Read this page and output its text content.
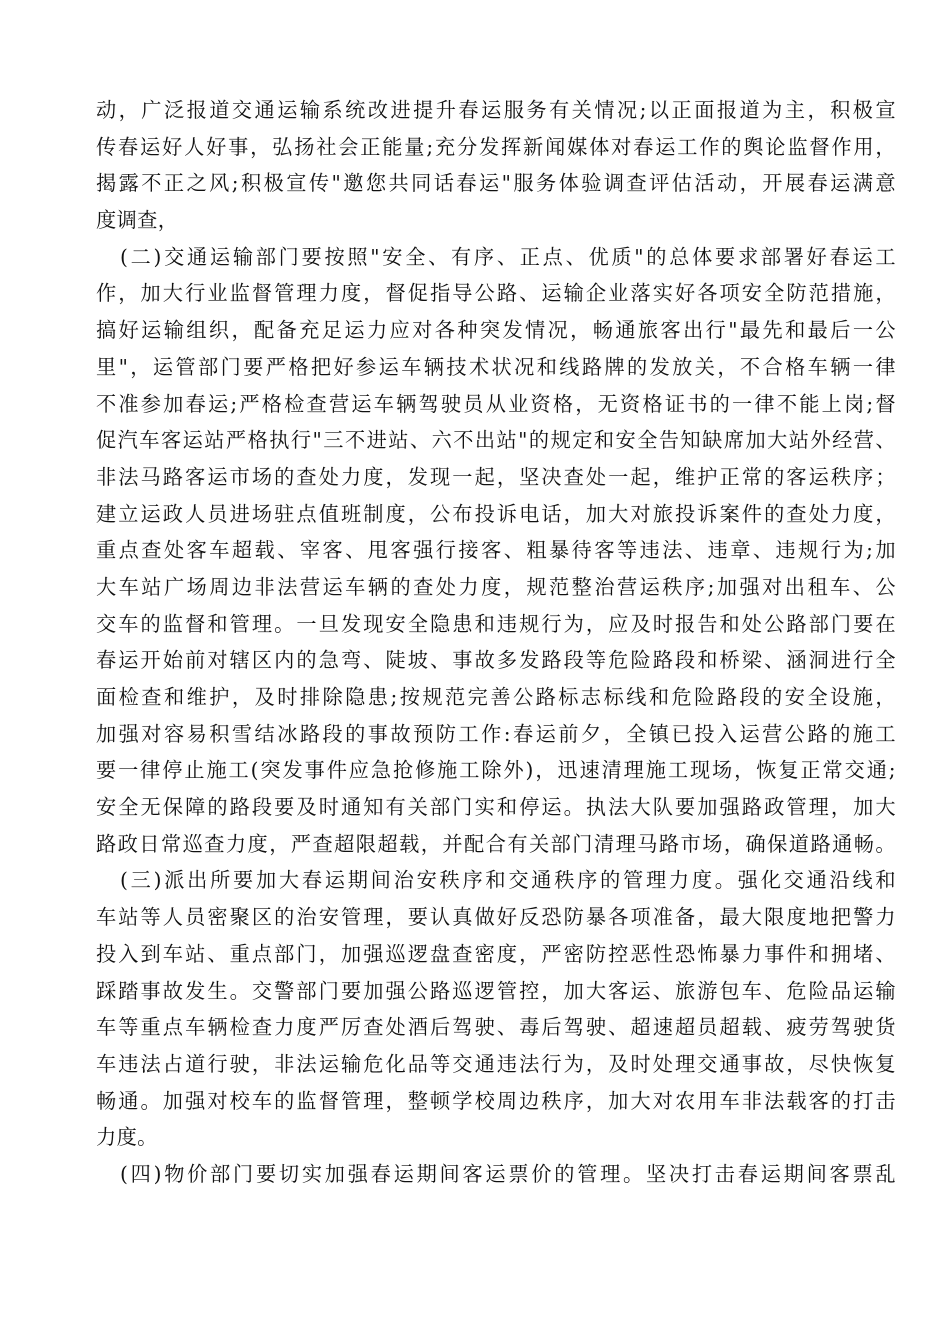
动，广泛报道交通运输系统改进提升春运服务有关情况;以正面报道为主，积极宣
传春运好人好事，弘扬社会正能量;充分发挥新闻媒体对春运工作的舆论监督作用，
揭露不正之风;积极宣传"邀您共同话春运"服务体验调查评估活动，开展春运满意
度调查，
(二)交通运输部门要按照"安全、有序、正点、优质"的总体要求部署好春运工
作，加大行业监督管理力度，督促指导公路、运输企业落实好各项安全防范措施，
搞好运输组织，配备充足运力应对各种突发情况，畅通旅客出行"最先和最后一公
里"，运管部门要严格把好参运车辆技术状况和线路牌的发放关，不合格车辆一律
不准参加春运;严格检查营运车辆驾驶员从业资格，无资格证书的一律不能上岗;督
促汽车客运站严格执行"三不进站、六不出站"的规定和安全告知缺席加大站外经营、
非法马路客运市场的查处力度，发现一起，坚决查处一起，维护正常的客运秩序；
建立运政人员进场驻点值班制度，公布投诉电话，加大对旅投诉案件的查处力度，
重点查处客车超载、宰客、甩客强行接客、粗暴待客等违法、违章、违规行为;加
大车站广场周边非法营运车辆的查处力度，规范整治营运秩序;加强对出租车、公
交车的监督和管理。一旦发现安全隐患和违规行为，应及时报告和处公路部门要在
春运开始前对辖区内的急弯、陡坡、事故多发路段等危险路段和桥梁、涵洞进行全
面检查和维护，及时排除隐患;按规范完善公路标志标线和危险路段的安全设施，
加强对容易积雪结冰路段的事故预防工作:春运前夕，全镇已投入运营公路的施工
要一律停止施工(突发事件应急抢修施工除外)，迅速清理施工现场，恢复正常交通;
安全无保障的路段要及时通知有关部门实和停运。执法大队要加强路政管理，加大
路政日常巡查力度，严查超限超载，并配合有关部门清理马路市场，确保道路通畅。
(三)派出所要加大春运期间治安秩序和交通秩序的管理力度。强化交通沿线和
车站等人员密聚区的治安管理，要认真做好反恐防暴各项准备，最大限度地把警力
投入到车站、重点部门，加强巡逻盘查密度，严密防控恶性恐怖暴力事件和拥堵、
踩踏事故发生。交警部门要加强公路巡逻管控，加大客运、旅游包车、危险品运输
车等重点车辆检查力度严厉查处酒后驾驶、毒后驾驶、超速超员超载、疲劳驾驶货
车违法占道行驶，非法运输危化品等交通违法行为，及时处理交通事故，尽快恢复
畅通。加强对校车的监督管理，整顿学校周边秩序，加大对农用车非法载客的打击
力度。
(四)物价部门要切实加强春运期间客运票价的管理。坚决打击春运期间客票乱
